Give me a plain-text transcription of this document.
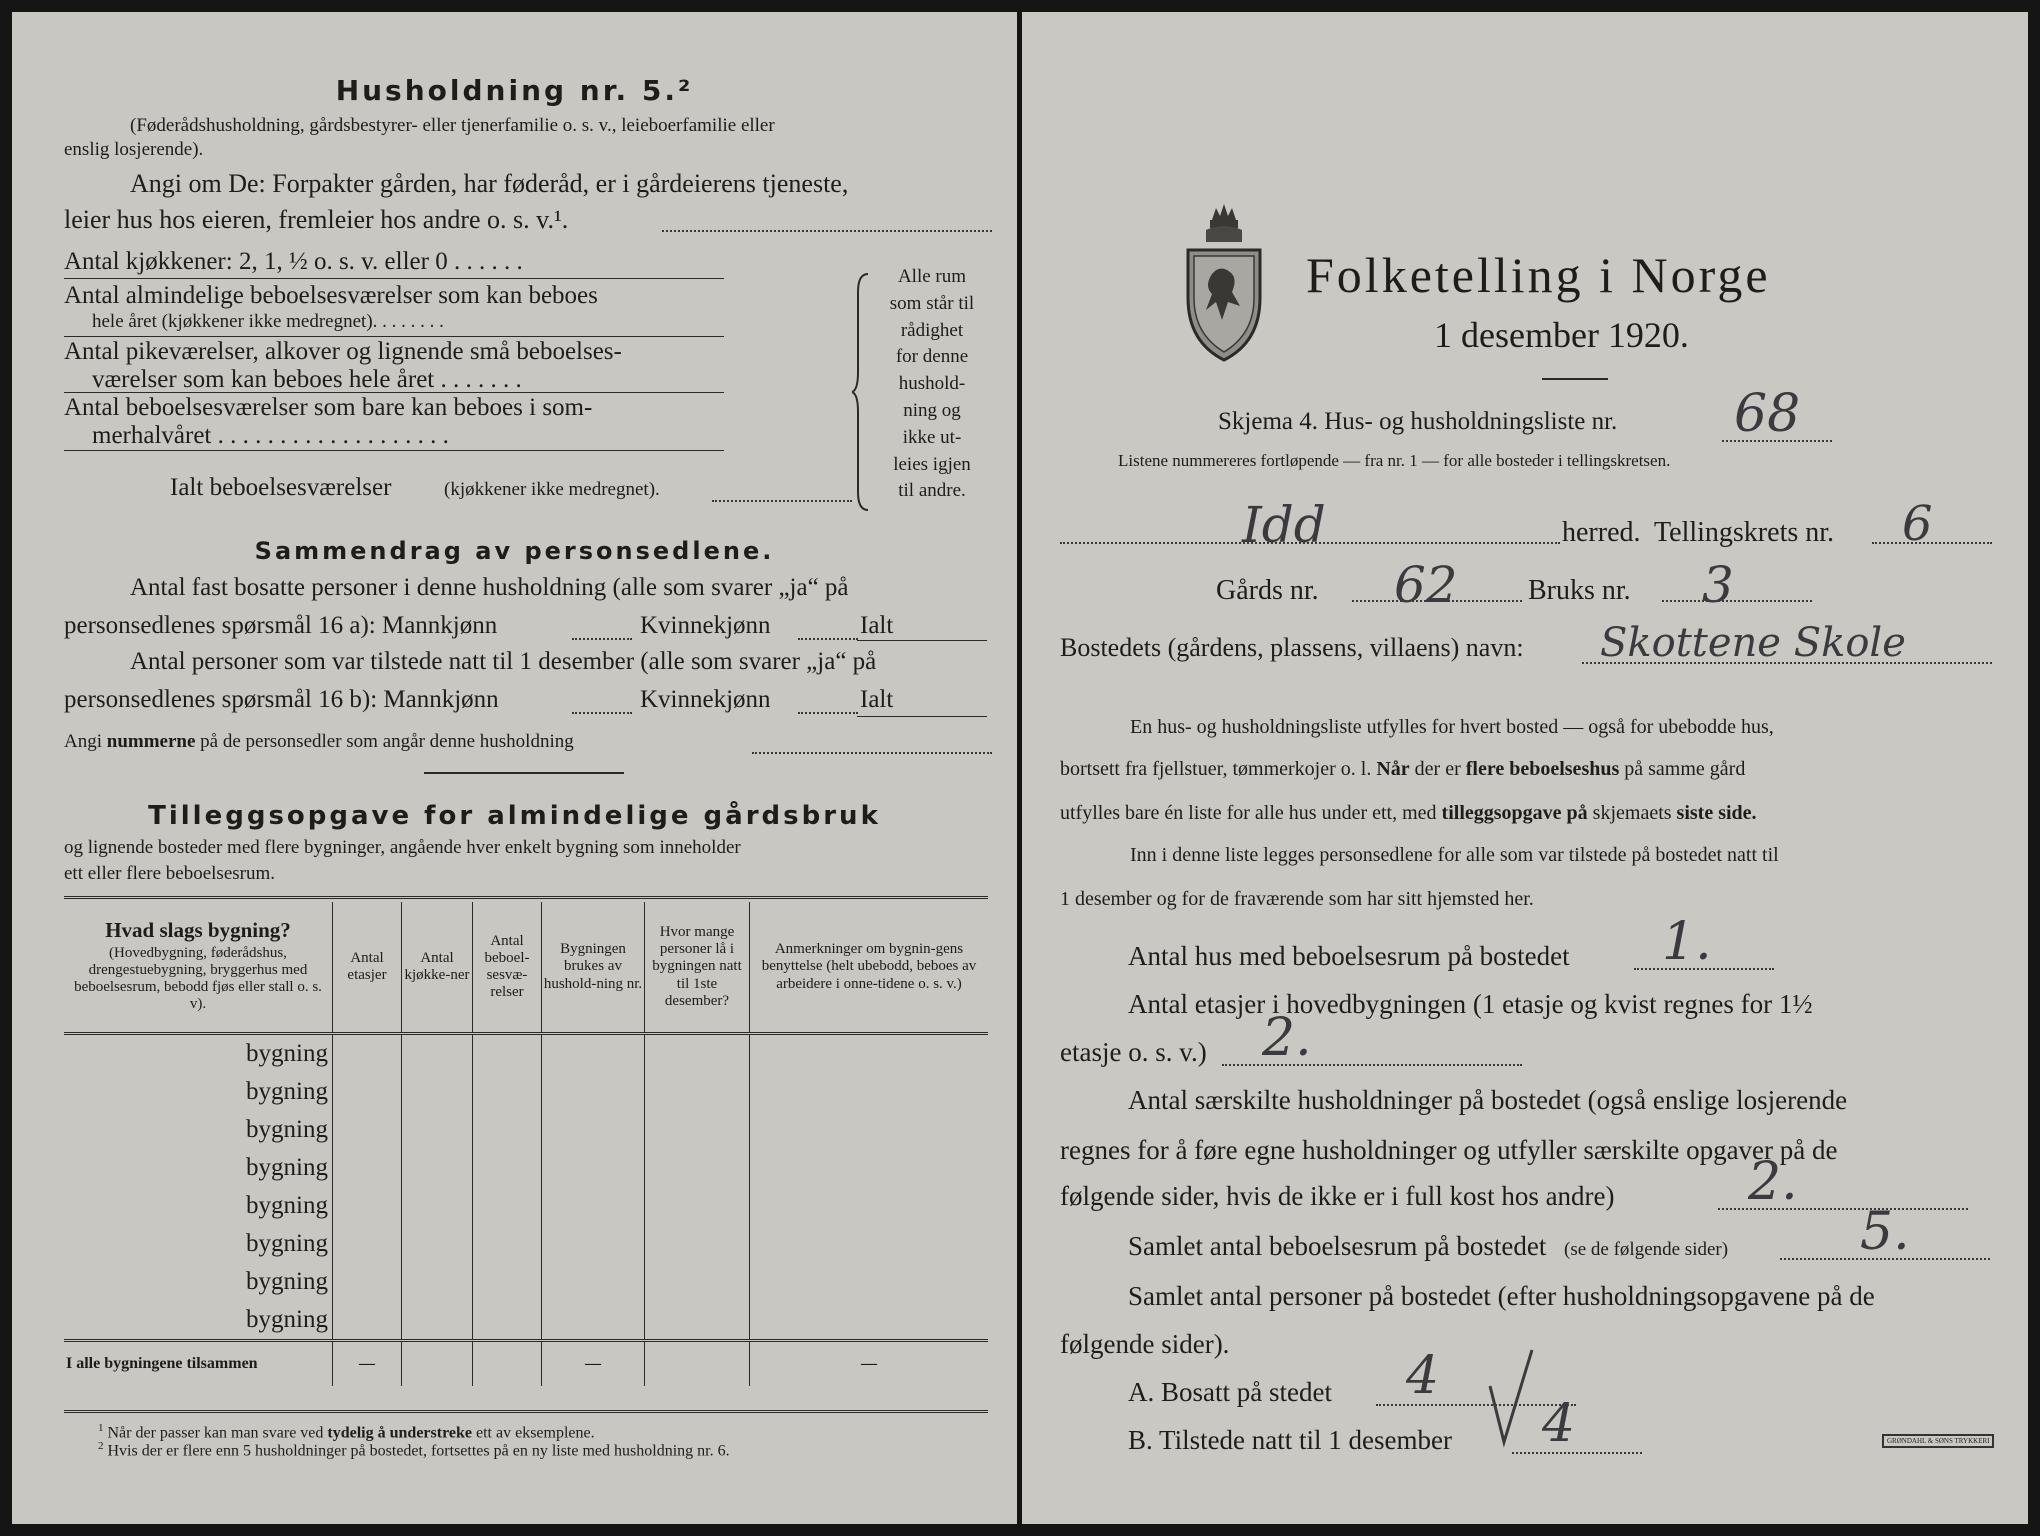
Husholdning nr. 5.²
(Føderådshusholdning, gårdsbestyrer- eller tjenerfamilie o. s. v., leieboerfamilie eller
enslig losjerende).
Angi om De: Forpakter gården, har føderåd, er i gårdeierens tjeneste,
leier hus hos eieren, fremleier hos andre o. s. v.¹.
Antal kjøkkener: 2, 1, ½ o. s. v. eller 0 . . . . . .
Antal almindelige beboelsesværelser som kan beboes
hele året (kjøkkener ikke medregnet). . . . . . . .
Antal pikeværelser, alkover og lignende små beboelses-
værelser som kan beboes hele året . . . . . . .
Antal beboelsesværelser som bare kan beboes i som-
merhalvåret . . . . . . . . . . . . . . . . . . .
Ialt beboelsesværelser	(kjøkkener ikke medregnet).
Alle rum
som står til
rådighet
for denne
hushold-
ning og
ikke ut-
leies igjen
til andre.
Sammendrag av personsedlene.
Antal fast bosatte personer i denne husholdning (alle som svarer „ja“ på
personsedlenes spørsmål 16 a): Mannkjønn	Kvinnekjønn	Ialt
Antal personer som var tilstede natt til 1 desember (alle som svarer „ja“ på
personsedlenes spørsmål 16 b): Mannkjønn	Kvinnekjønn	Ialt
Angi nummerne på de personsedler som angår denne husholdning
Tilleggsopgave for almindelige gårdsbruk
og lignende bosteder med flere bygninger, angående hver enkelt bygning som inneholder
ett eller flere beboelsesrum.
Hvad slags bygning?
(Hovedbygning, føderådshus, drengestuebygning, bryggerhus med beboelsesrum, bebodd fjøs eller stall o. s. v).	Antal etasjer	Antal kjøkke-ner	Antal beboel-sesvæ-relser	Bygningen brukes av hushold-ning nr.	Hvor mange personer lå i bygningen natt til 1ste desember?	Anmerkninger om bygnin-gens benyttelse (helt ubebodd, beboes av arbeidere i onne-tidene o. s. v.)
bygning						
bygning						
bygning						
bygning						
bygning						
bygning						
bygning						
bygning						
I alle bygningene tilsammen	—			—		—
$^1$ Når der passer kan man svare ved tydelig å understreke ett av eksemplene.
$^2$ Hvis der er flere enn 5 husholdninger på bostedet, fortsettes på en ny liste med husholdning nr. 6.
Folketelling i Norge
1 desember 1920.
Skjema 4. Hus- og husholdningsliste nr. 68
Listene nummereres fortløpende — fra nr. 1 — for alle bosteder i tellingskretsen.
Idd	herred. Tellingskrets nr. 6
Gårds nr. 62	Bruks nr. 3
Bostedets (gårdens, plassens, villaens) navn: Skottene Skole
En hus- og husholdningsliste utfylles for hvert bosted — også for ubebodde hus,
bortsett fra fjellstuer, tømmerkojer o. l. Når der er flere beboelseshus på samme gård
utfylles bare én liste for alle hus under ett, med tilleggsopgave på skjemaets siste side.
Inn i denne liste legges personsedlene for alle som var tilstede på bostedet natt til
1 desember og for de fraværende som har sitt hjemsted her.
Antal hus med beboelsesrum på bostedet 1.
Antal etasjer i hovedbygningen (1 etasje og kvist regnes for 1½
etasje o. s. v.) 2.
Antal særskilte husholdninger på bostedet (også enslige losjerende
regnes for å føre egne husholdninger og utfyller særskilte opgaver på de
følgende sider, hvis de ikke er i full kost hos andre)	2.
Samlet antal beboelsesrum på bostedet (se de følgende sider)	5.
Samlet antal personer på bostedet (efter husholdningsopgavene på de
følgende sider).
A. Bosatt på stedet 4
B. Tilstede natt til 1 desember 4	GRØNDAHL & SØNS TRYKKERI
